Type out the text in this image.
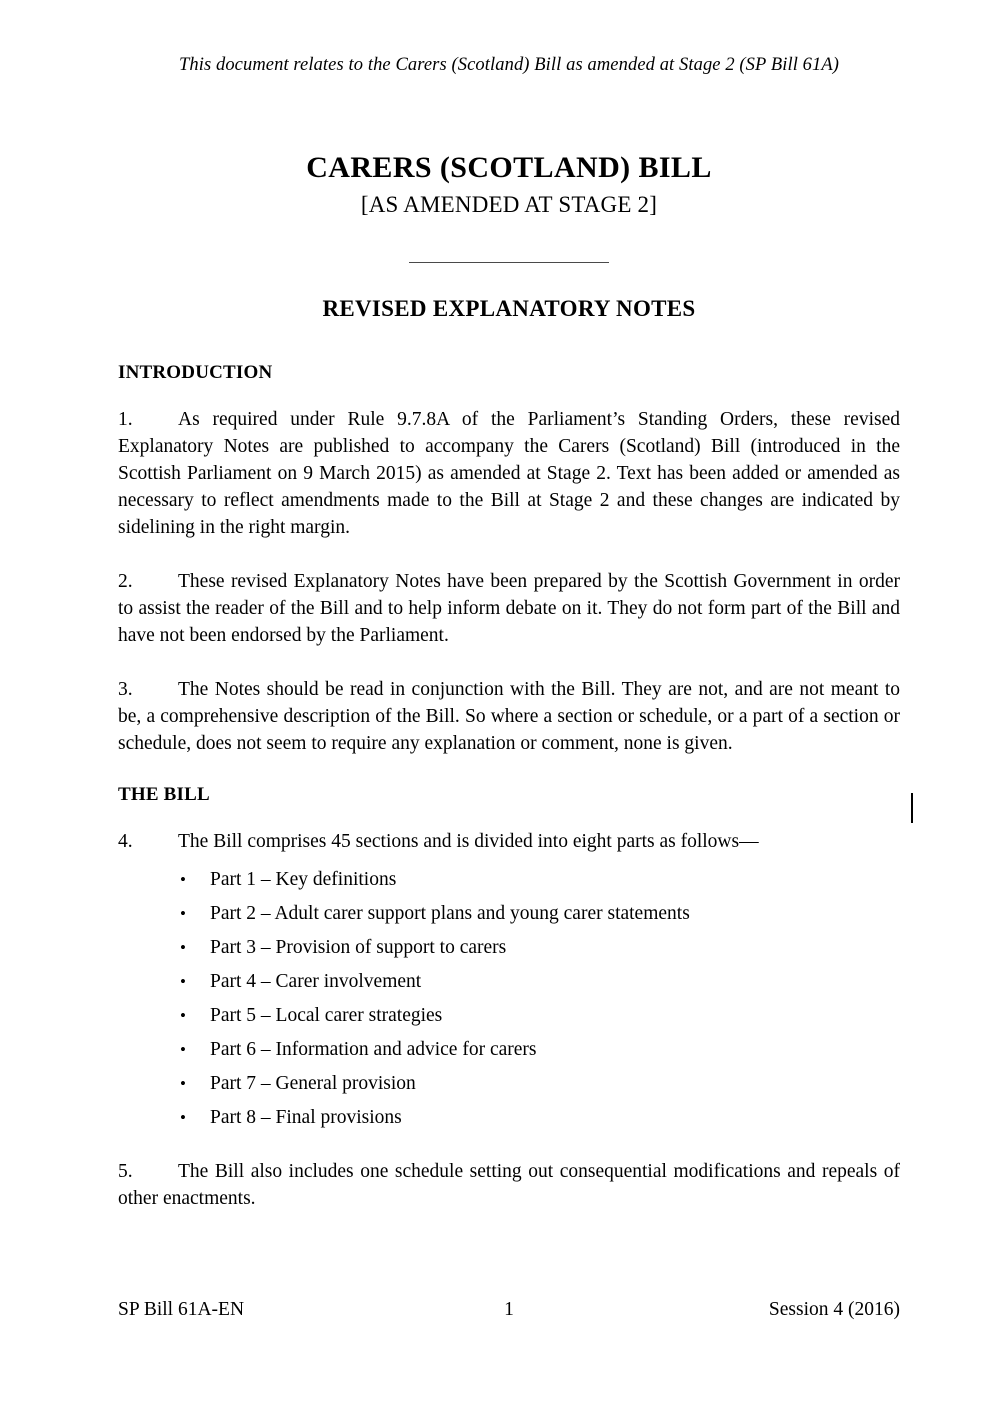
This document relates to the Carers (Scotland) Bill as amended at Stage 2 (SP Bill 61A)
CARERS (SCOTLAND) BILL
[AS AMENDED AT STAGE 2]
REVISED EXPLANATORY NOTES
INTRODUCTION

1. As required under Rule 9.7.8A of the Parliament’s Standing Orders, these revised Explanatory Notes are published to accompany the Carers (Scotland) Bill (introduced in the Scottish Parliament on 9 March 2015) as amended at Stage 2. Text has been added or amended as necessary to reflect amendments made to the Bill at Stage 2 and these changes are indicated by sidelining in the right margin.

2. These revised Explanatory Notes have been prepared by the Scottish Government in order to assist the reader of the Bill and to help inform debate on it. They do not form part of the Bill and have not been endorsed by the Parliament.

3. The Notes should be read in conjunction with the Bill. They are not, and are not meant to be, a comprehensive description of the Bill. So where a section or schedule, or a part of a section or schedule, does not seem to require any explanation or comment, none is given.

THE BILL

4. The Bill comprises 45 sections and is divided into eight parts as follows—

• Part 1 – Key definitions
• Part 2 – Adult carer support plans and young carer statements
• Part 3 – Provision of support to carers
• Part 4 – Carer involvement
• Part 5 – Local carer strategies
• Part 6 – Information and advice for carers
• Part 7 – General provision
• Part 8 – Final provisions

5. The Bill also includes one schedule setting out consequential modifications and repeals of other enactments.

SP Bill 61A-EN	1	Session 4 (2016)
